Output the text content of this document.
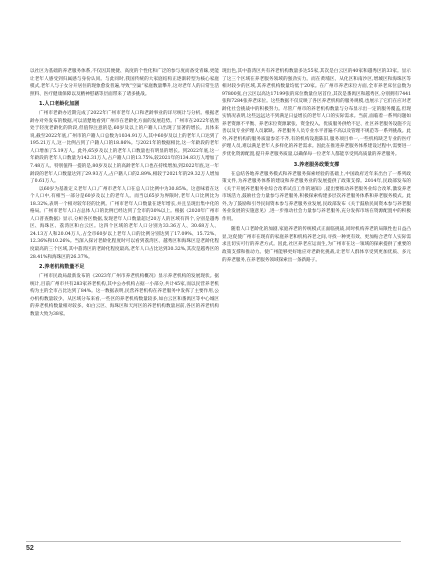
以社区为基础的养老服务体系,不仅因其便捷、高度的个性化和广泛的参与度而备受青睐,更能让老年人感受到归属感与身份认同。与此同时,我国传统的大家庭结构正逐渐转型为核心家庭模式,老年人与子女分开居住的现象愈发普遍,导致“空巢”家庭数量攀升,这对老年人的日常生活照料、医疗健康保障以及精神慰藉等层面带来了诸多挑战。

1.人口老龄化加剧

广州市老龄办近期完成了2022年广州市老年人口和老龄事业的详尽统计与分析。根据老龄办对外发布的数据,可以清楚地看到广州市在老龄化方面的发展趋势。广州市在2022年依然处于轻度老龄化的阶段,但值得注意的是,60岁及以上的户籍人口出现了显著的增长。具体来说,截至2022年底,广州市的户籍人口总数为1034.91万人,其中60岁及以上的老年人口达到了195.21万人,这一比例占到了户籍人口的18.86%。与2021年的数据相比,这一年龄段的老年人口增加了5.19万人。此外,65岁及以上的老年人口数量也有明显的增长。到2022年底,这一年龄段的老年人口数量为142.31万人,占户籍人口的13.75%,较2021年的134.83万人增加了7.48万人。特别值得一提的是,80岁及以上的高龄老年人口也在持续增加,到2022年底,这一年龄段的老年人口数量达到了29.93万人,占户籍人口的2.89%,相较于2021年的29.32万人增加了0.61万人。

以60岁为基准定义老年人口,广州市老年人口在总人口比例中为30.85%。这意味着在这个人口中,有相当一部分是60岁及以上的老年人。而当以65岁为界限时,老年人口比例比为18.32%,表明一个相对较年轻的比例。广州市老年人口数量在逐年增长,并且呈现出集中化的格局。广州市老年人口占总体人口的比例已经达到了全市的30%以上。根据《2020年广州市人口普查数据》显示,分析各区数据,发现老年人口数量超过20万人的区域有四个,分别是越秀区、海珠区、荔湾区和白云区。这四个区域的老年人口分别为33.36万人、30.68万人、24.13万人和20.04万人,占全市60岁以上老年人口的比例分别达到了17.09%、15.72%、12.36%和10.26%。当深入探讨老龄化程度时可以看到荔湾区、越秀区和海珠区是老龄化程度最高的三个区域,其中荔湾区的老龄化程度最高,老年人口占比达到30.32%,其次是越秀区的28.41%和海珠区的26.37%。

2.养老机构数量不足

广州市民政局最新发布的《2023年广州市养老机构概况》显示养老机构的发展现状。据统计,目前广州市共有283家养老机构,其中公办机构占据一小部分,共计45家,而以民营养老机构为主的全市占比达到了84%。这一数据表明,民营养老机构在养老服务中发挥了主要作用,公办机构数量较少。从区域分布来看,一些区的养老机构数量较多,如白云区和番禺区等中心城区的养老机构数量相对较多。如白云区、海珠区和天河区的养老机构数量居前,各区的养老机构数量大致为38家。

现出色,其中荔湾区共有养老机构数量多达55家,其次是白云区的40家和越秀区的33家。显示了这三个区域在养老服务领域的强劲实力。而在黄埔区、从化区和南沙区,增城区和海珠区等相对较少的区域,其养老机构数量均低于20家。在广州市养老床位方面,全市养老床位总数为97800张,白云区以高达17199张的床位数量位居首位,其次是番禺区和越秀区,分别拥有7441张和7284张养老床位。这些数据不仅反映了各区养老机构的服务规模,也展示了它们在应对老龄化社会挑战中的积极努力。尽管广州市的养老机构数量与分布显示出一定的服务覆盖,但现实情况表明,这些远远达不到满足日益增长的老年人口的实际需求。当前,面临着一系列问题如养老资源不平衡、养老床位资源紧张、资金投入、优质服务供给不足、社区养老服务设施不完善以及专业护理人员紧缺。养老服务人员专业水平普遍不高以及管理不规范等一系列挑战。此外,养老机构的服务质量参差不齐,有的机构设施陈旧,服务项目单一,一些机构缺乏专业的医疗护理人员,难以满足老年人多样化的养老需求。因此在推进养老服务体系建设过程中,需要进一步优化资源配置,提升养老服务质量,以确保每一位老年人都能享受到高质量的养老服务。

3.养老服务政策支撑

在总结各地养老服务模式和养老服务探索经验的基础上,中国政府近年来出台了一系列政策文件,为养老服务体系的建设和养老服务业的发展提供了政策支撑。2014年,民政部发布的《关于开展养老服务业综合改革试点工作的通知》,提出要推动养老服务业综合改革,激发养老市场活力,鼓励社会力量参与养老服务,积极探索构建多层次养老服务体系和养老服务模式。此外,为了鼓励和引导民间资本参与养老服务业发展,民政部发布《关于鼓励民间资本参与养老服务业发展的实施意见》,进一步推动社会力量参与养老服务,充分发挥市场在资源配置中的积极作用。

随着人口老龄化的加剧,家庭养老的传统模式正面临挑战,同时机构养老的局限性也日益凸显,这促使广州市在现有的家庭养老和机构养老之间,寻找一种更有效、更加贴合老年人实际需求且切实可行的养老方式。因此,社区养老应运而生,为广州市在这一领域的探索提供了重要的政策支撑和推动力。使广州能够更好地应对老龄化挑战,让老年人群体享受到更加优质、多元的养老服务,在养老服务领域探索出一条新路子。

52
